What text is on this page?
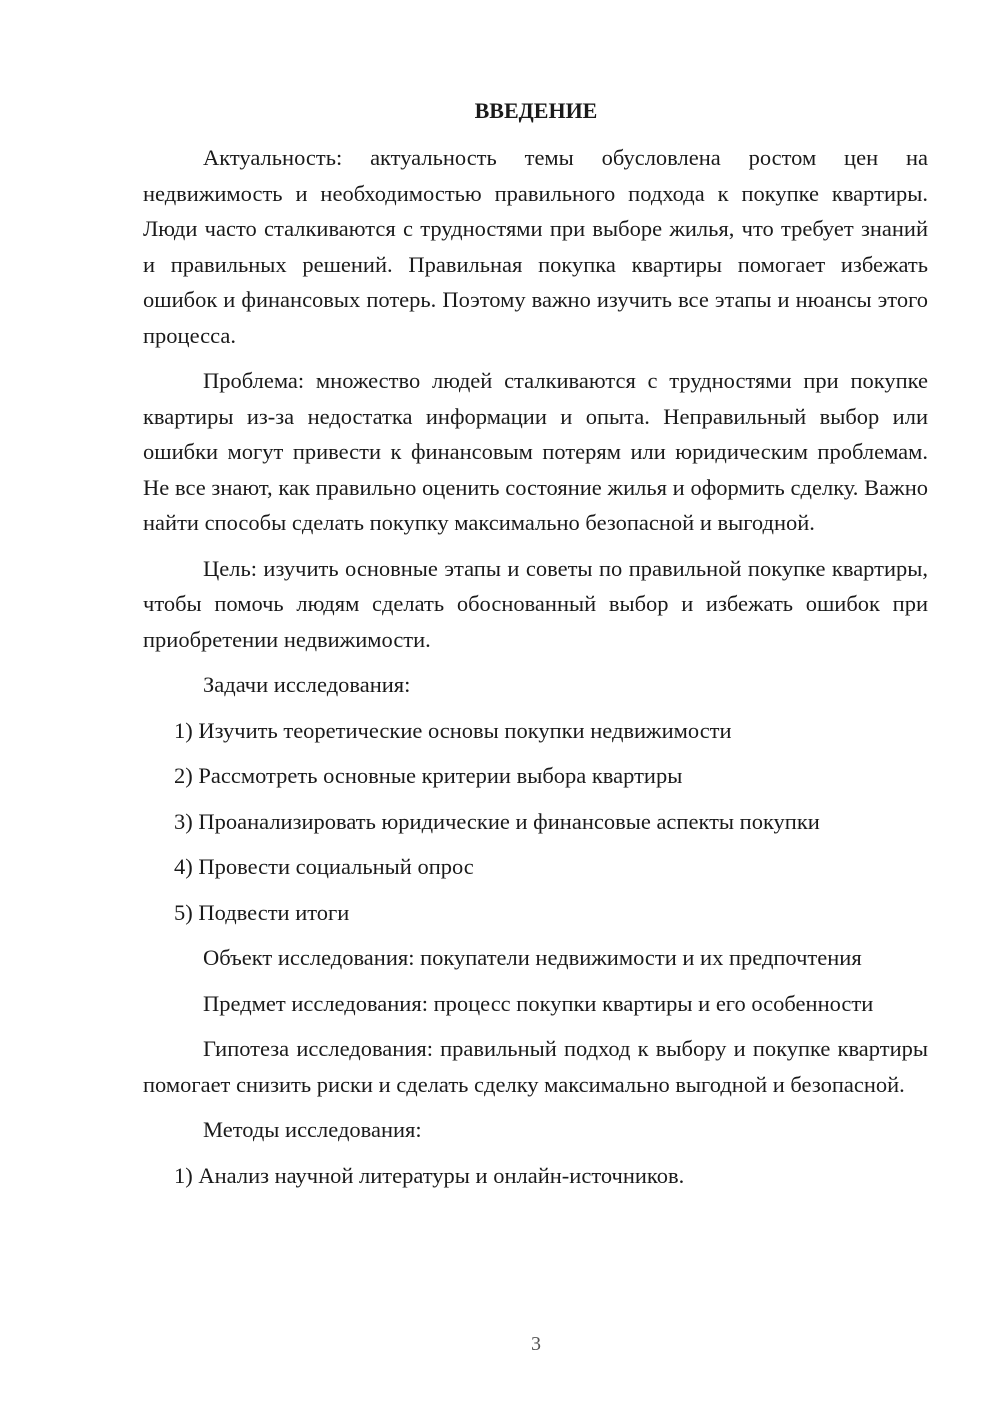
ВВЕДЕНИЕ

Актуальность: актуальность темы обусловлена ростом цен на недвижимость и необходимостью правильного подхода к покупке квартиры. Люди часто сталкиваются с трудностями при выборе жилья, что требует знаний и правильных решений. Правильная покупка квартиры помогает избежать ошибок и финансовых потерь. Поэтому важно изучить все этапы и нюансы этого процесса.

Проблема: множество людей сталкиваются с трудностями при покупке квартиры из-за недостатка информации и опыта. Неправильный выбор или ошибки могут привести к финансовым потерям или юридическим проблемам. Не все знают, как правильно оценить состояние жилья и оформить сделку. Важно найти способы сделать покупку максимально безопасной и выгодной.

Цель: изучить основные этапы и советы по правильной покупке квартиры, чтобы помочь людям сделать обоснованный выбор и избежать ошибок при приобретении недвижимости.

Задачи исследования:

1) Изучить теоретические основы покупки недвижимости

2) Рассмотреть основные критерии выбора квартиры

3) Проанализировать юридические и финансовые аспекты покупки

4) Провести социальный опрос

5) Подвести итоги

Объект исследования: покупатели недвижимости и их предпочтения

Предмет исследования: процесс покупки квартиры и его особенности

Гипотеза исследования: правильный подход к выбору и покупке квартиры помогает снизить риски и сделать сделку максимально выгодной и безопасной.

Методы исследования:

1) Анализ научной литературы и онлайн-источников.

3
